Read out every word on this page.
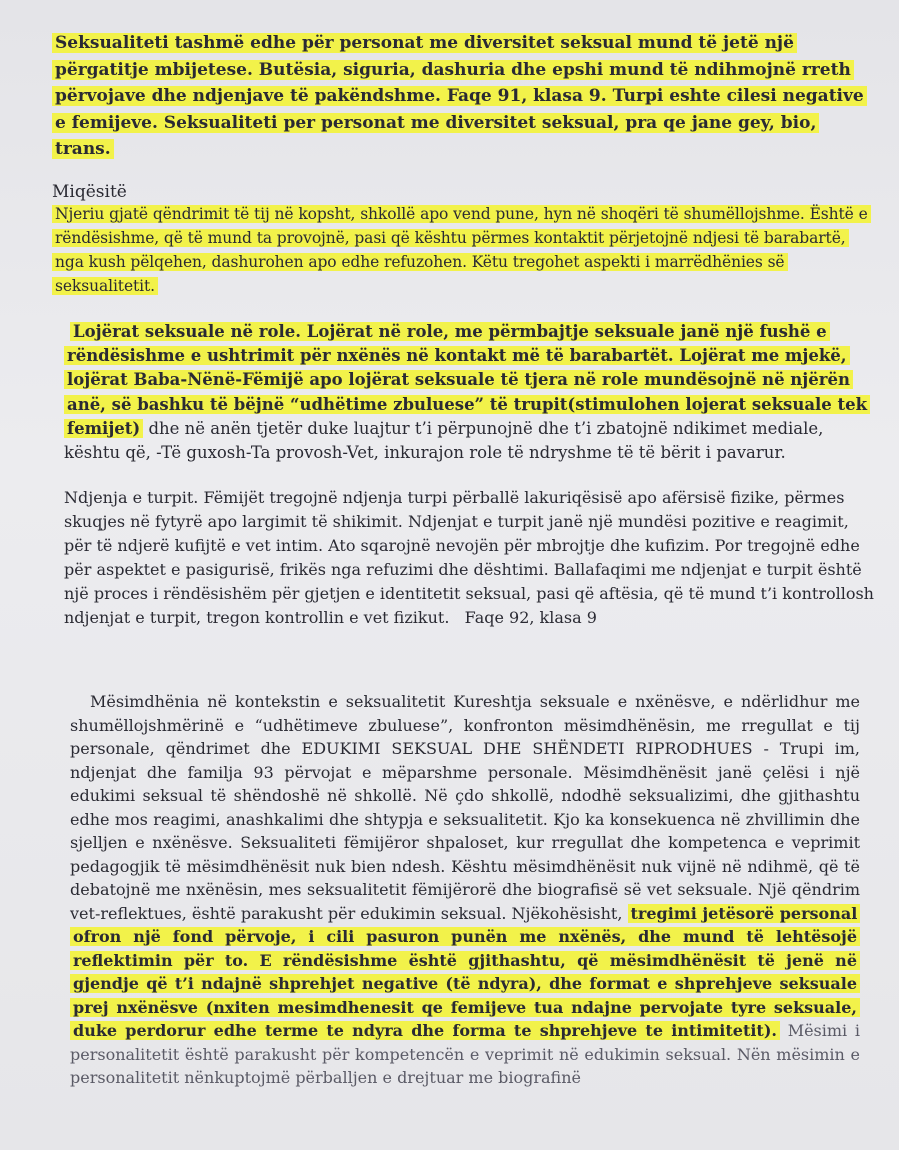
Seksualiteti tashmë edhe për personat me diversitet seksual mund të jetë një përgatitje mbijetese. Butësia, siguria, dashuria dhe epshi mund të ndihmojnë rreth përvojave dhe ndjenjave të pakëndshme. Faqe 91, klasa 9. Turpi eshte cilesi negative e femijeve. Seksualiteti per personat me diversitet seksual, pra qe jane gey, bio, trans.
Miqësitë
Njeriu gjatë qëndrimit të tij në kopsht, shkollë apo vend pune, hyn në shoqëri të shumëllojshme. Është e rëndësishme, që të mund ta provojnë, pasi që kështu përmes kontaktit përjetojnë ndjesi të barabartë, nga kush pëlqehen, dashurohen apo edhe refuzohen. Këtu tregohet aspekti i marrëdhënies së seksualitetit.
Lojërat seksuale në role. Lojërat në role, me përmbajtje seksuale janë një fushë e rëndësishme e ushtrimit për nxënës në kontakt më të barabartët. Lojërat me mjekë, lojërat Baba-Nënë-Fëmijë apo lojërat seksuale të tjera në role mundësojnë në njërën anë, së bashku të bëjnë “udhëtime zbuluese” të trupit(stimulohen lojerat seksuale tek femijet) dhe në anën tjetër duke luajtur t’i përpunojnë dhe t’i zbatojnë ndikimet mediale, kështu që, -Të guxosh-Ta provosh-Vet, inkurajon role të ndryshme të të bërit i pavarur.
Ndjenja e turpit. Fëmijët tregojnë ndjenja turpi përballë lakuriqësisë apo afërsisë fizike, përmes skuqjes në fytyrë apo largimit të shikimit. Ndjenjat e turpit janë një mundësi pozitive e reagimit, për të ndjerë kufijtë e vet intim. Ato sqarojnë nevojën për mbrojtje dhe kufizim. Por tregojnë edhe për aspektet e pasigurisë, frikës nga refuzimi dhe dështimi. Ballafaqimi me ndjenjat e turpit është një proces i rëndësishëm për gjetjen e identitetit seksual, pasi që aftësia, që të mund t’i kontrollosh ndjenjat e turpit, tregon kontrollin e vet fizikut. Faqe 92, klasa 9
Mësimdhënia në kontekstin e seksualitetit Kureshtja seksuale e nxënësve, e ndërlidhur me shumëllojshmërinë e “udhëtimeve zbuluese”, konfronton mësimdhënësin, me rregullat e tij personale, qëndrimet dhe EDUKIMI SEKSUAL DHE SHËNDETI RIPRODHUES - Trupi im, ndjenjat dhe familja 93 përvojat e mëparshme personale. Mësimdhënësit janë çelësi i një edukimi seksual të shëndoshë në shkollë. Në çdo shkollë, ndodhë seksualizimi, dhe gjithashtu edhe mos reagimi, anashkalimi dhe shtypja e seksualitetit. Kjo ka konsekuenca në zhvillimin dhe sjelljen e nxënësve. Seksualiteti fëmijëror shpaloset, kur rregullat dhe kompetenca e veprimit pedagogjik të mësimdhënësit nuk bien ndesh. Kështu mësimdhënësit nuk vijnë në ndihmë, që të debatojnë me nxënësin, mes seksualitetit fëmijërorë dhe biografisë së vet seksuale. Një qëndrim vet-reflektues, është parakusht për edukimin seksual. Njëkohësisht, tregimi jetësorë personal ofron një fond përvoje, i cili pasuron punën me nxënës, dhe mund të lehtësojë reflektimin për to. E rëndësishme është gjithashtu, që mësimdhënësit të jenë në gjendje që t’i ndajnë shprehjet negative (të ndyra), dhe format e shprehjeve seksuale prej nxënësve (nxiten mesimdhenesit qe femijeve tua ndajne pervojate tyre seksuale, duke perdorur edhe terme te ndyra dhe forma te shprehjeve te intimitetit). Mësimi i personalitetit është parakusht për kompetencën e veprimit në edukimin seksual. Nën mësimin e personalitetit nënkuptojmë përballjen e drejtuar me biografinë
